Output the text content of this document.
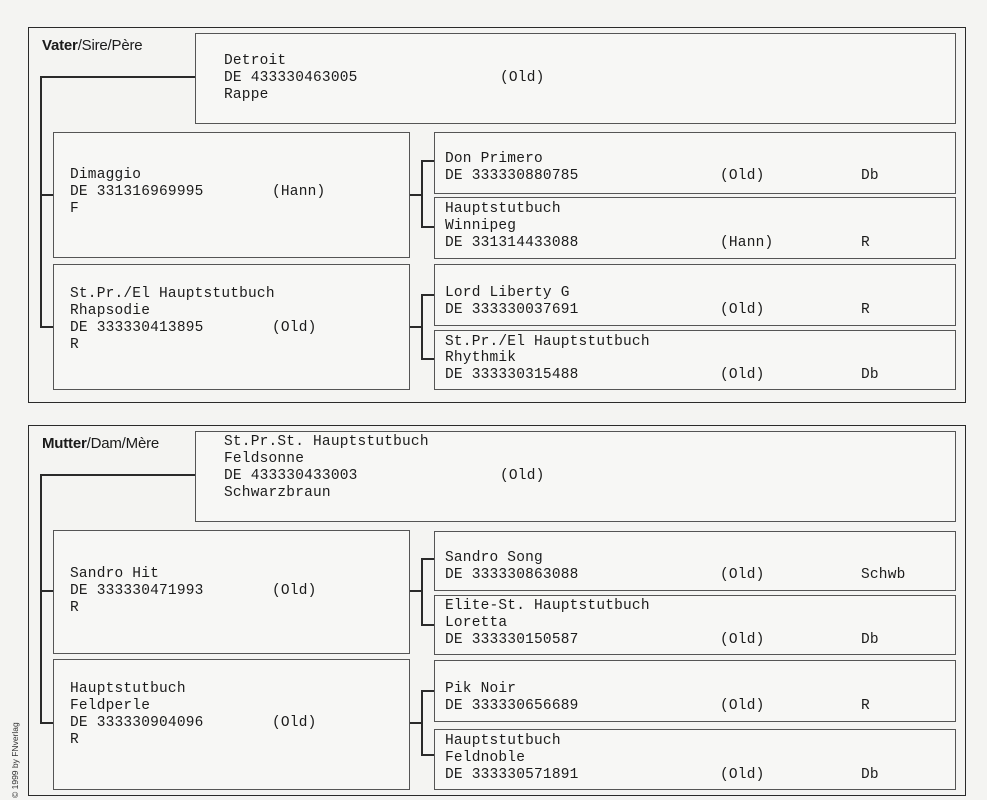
Vater/Sire/Père
Detroit
DE 433330463005	(Old)
Rappe
Dimaggio
DE 331316969995	(Hann)
F
St.Pr./El Hauptstutbuch
Rhapsodie
DE 333330413895	(Old)
R
Don Primero
DE 333330880785	(Old)	Db
Hauptstutbuch
Winnipeg
DE 331314433088	(Hann)	R
Lord Liberty G
DE 333330037691	(Old)	R
St.Pr./El Hauptstutbuch
Rhythmik
DE 333330315488	(Old)	Db
Mutter/Dam/Mère	St.Pr.St. Hauptstutbuch
Feldsonne
DE 433330433003	(Old)
Schwarzbraun
Sandro Hit
DE 333330471993	(Old)
R
Hauptstutbuch
Feldperle
DE 333330904096	(Old)
R
Sandro Song
DE 333330863088	(Old)	Schwb
Elite-St. Hauptstutbuch
Loretta
DE 333330150587	(Old)	Db
Pik Noir
DE 333330656689	(Old)	R
Hauptstutbuch
Feldnoble
DE 333330571891	(Old)	Db
© 1999 by FNverlag
